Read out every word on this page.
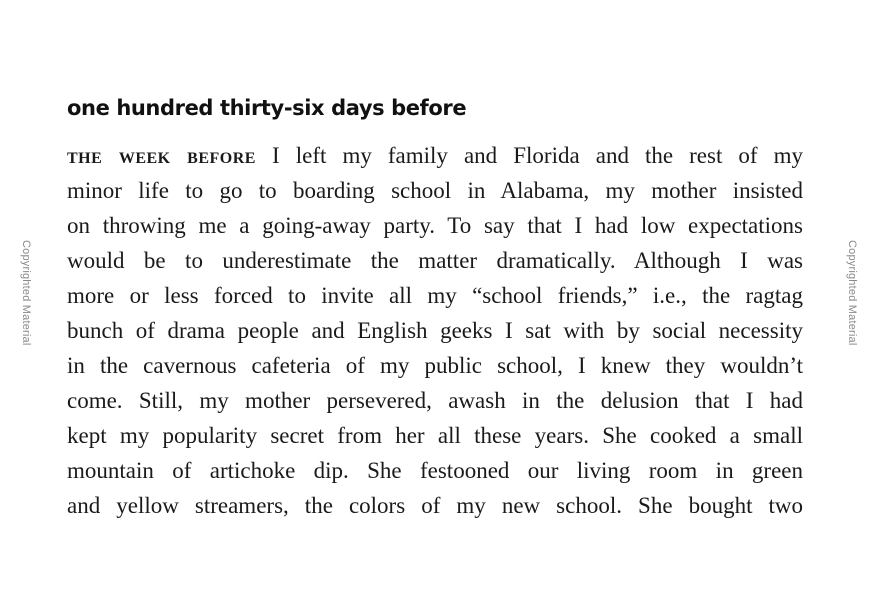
Copyrighted Material	Copyrighted Material
one hundred thirty-six days before
the week before I left my family and Florida and the rest of my
minor life to go to boarding school in Alabama, my mother insisted
on throwing me a going-away party. To say that I had low expectations
would be to underestimate the matter dramatically. Although I was
more or less forced to invite all my “school friends,” i.e., the ragtag
bunch of drama people and English geeks I sat with by social necessity
in the cavernous cafeteria of my public school, I knew they wouldn’t
come. Still, my mother persevered, awash in the delusion that I had
kept my popularity secret from her all these years. She cooked a small
mountain of artichoke dip. She festooned our living room in green
and yellow streamers, the colors of my new school. She bought two
